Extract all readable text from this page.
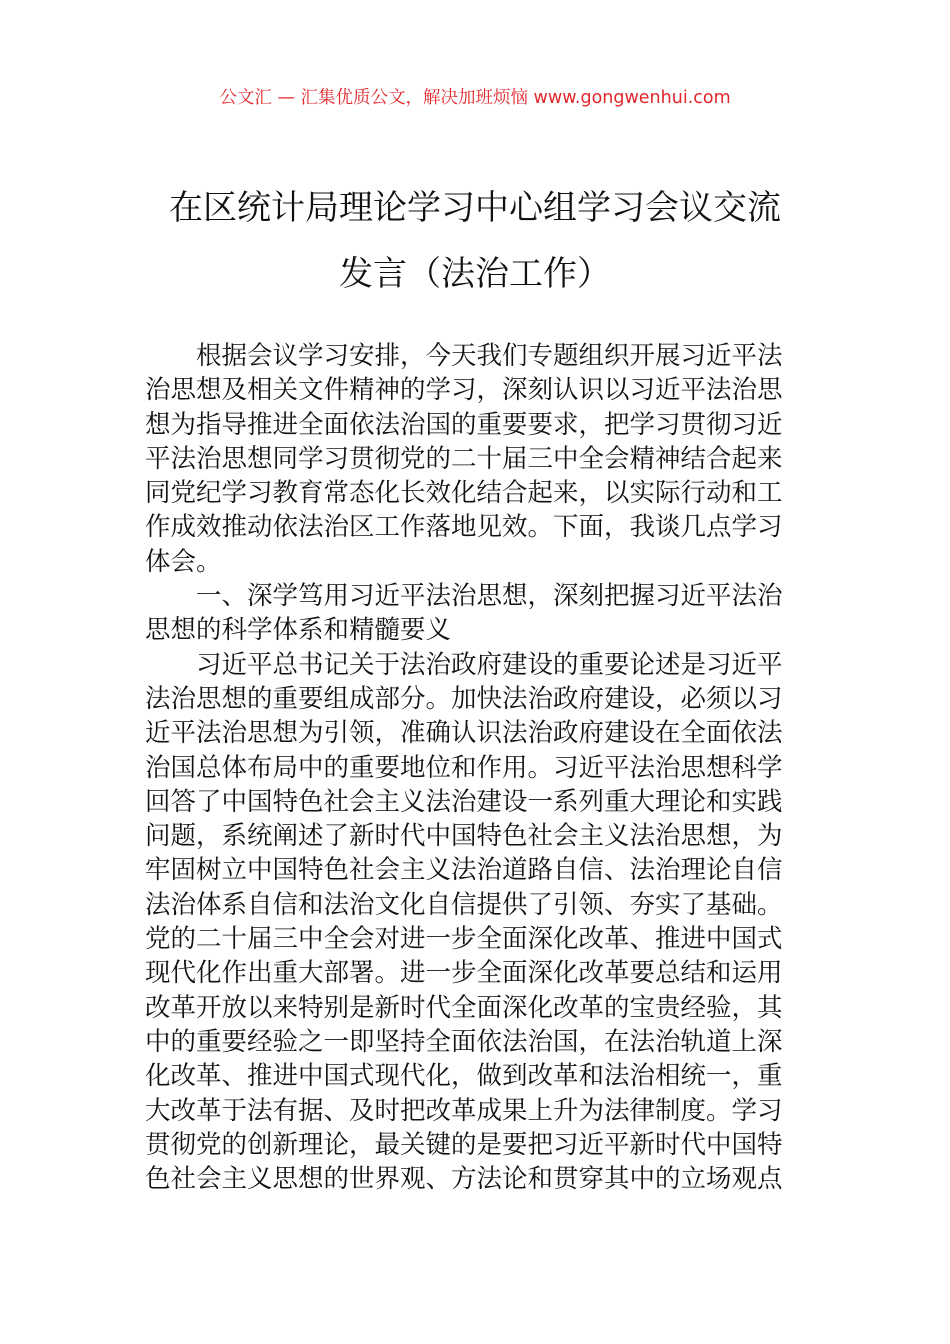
公文汇 — 汇集优质公文，解决加班烦恼 www.gongwenhui.com
在区统计局理论学习中心组学习会议交流
发言（法治工作）

根据会议学习安排，今天我们专题组织开展习近平法

治思想及相关文件精神的学习，深刻认识以习近平法治思

想为指导推进全面依法治国的重要要求，把学习贯彻习近

平法治思想同学习贯彻党的二十届三中全会精神结合起来

同党纪学习教育常态化长效化结合起来，以实际行动和工

作成效推动依法治区工作落地见效。下面，我谈几点学习

体会。

一、深学笃用习近平法治思想，深刻把握习近平法治

思想的科学体系和精髓要义

习近平总书记关于法治政府建设的重要论述是习近平

法治思想的重要组成部分。加快法治政府建设，必须以习

近平法治思想为引领，准确认识法治政府建设在全面依法

治国总体布局中的重要地位和作用。习近平法治思想科学

回答了中国特色社会主义法治建设一系列重大理论和实践

问题，系统阐述了新时代中国特色社会主义法治思想，为

牢固树立中国特色社会主义法治道路自信、法治理论自信

法治体系自信和法治文化自信提供了引领、夯实了基础。

党的二十届三中全会对进一步全面深化改革、推进中国式

现代化作出重大部署。进一步全面深化改革要总结和运用

改革开放以来特别是新时代全面深化改革的宝贵经验，其

中的重要经验之一即坚持全面依法治国，在法治轨道上深

化改革、推进中国式现代化，做到改革和法治相统一，重

大改革于法有据、及时把改革成果上升为法律制度。学习

贯彻党的创新理论，最关键的是要把习近平新时代中国特

色社会主义思想的世界观、方法论和贯穿其中的立场观点
